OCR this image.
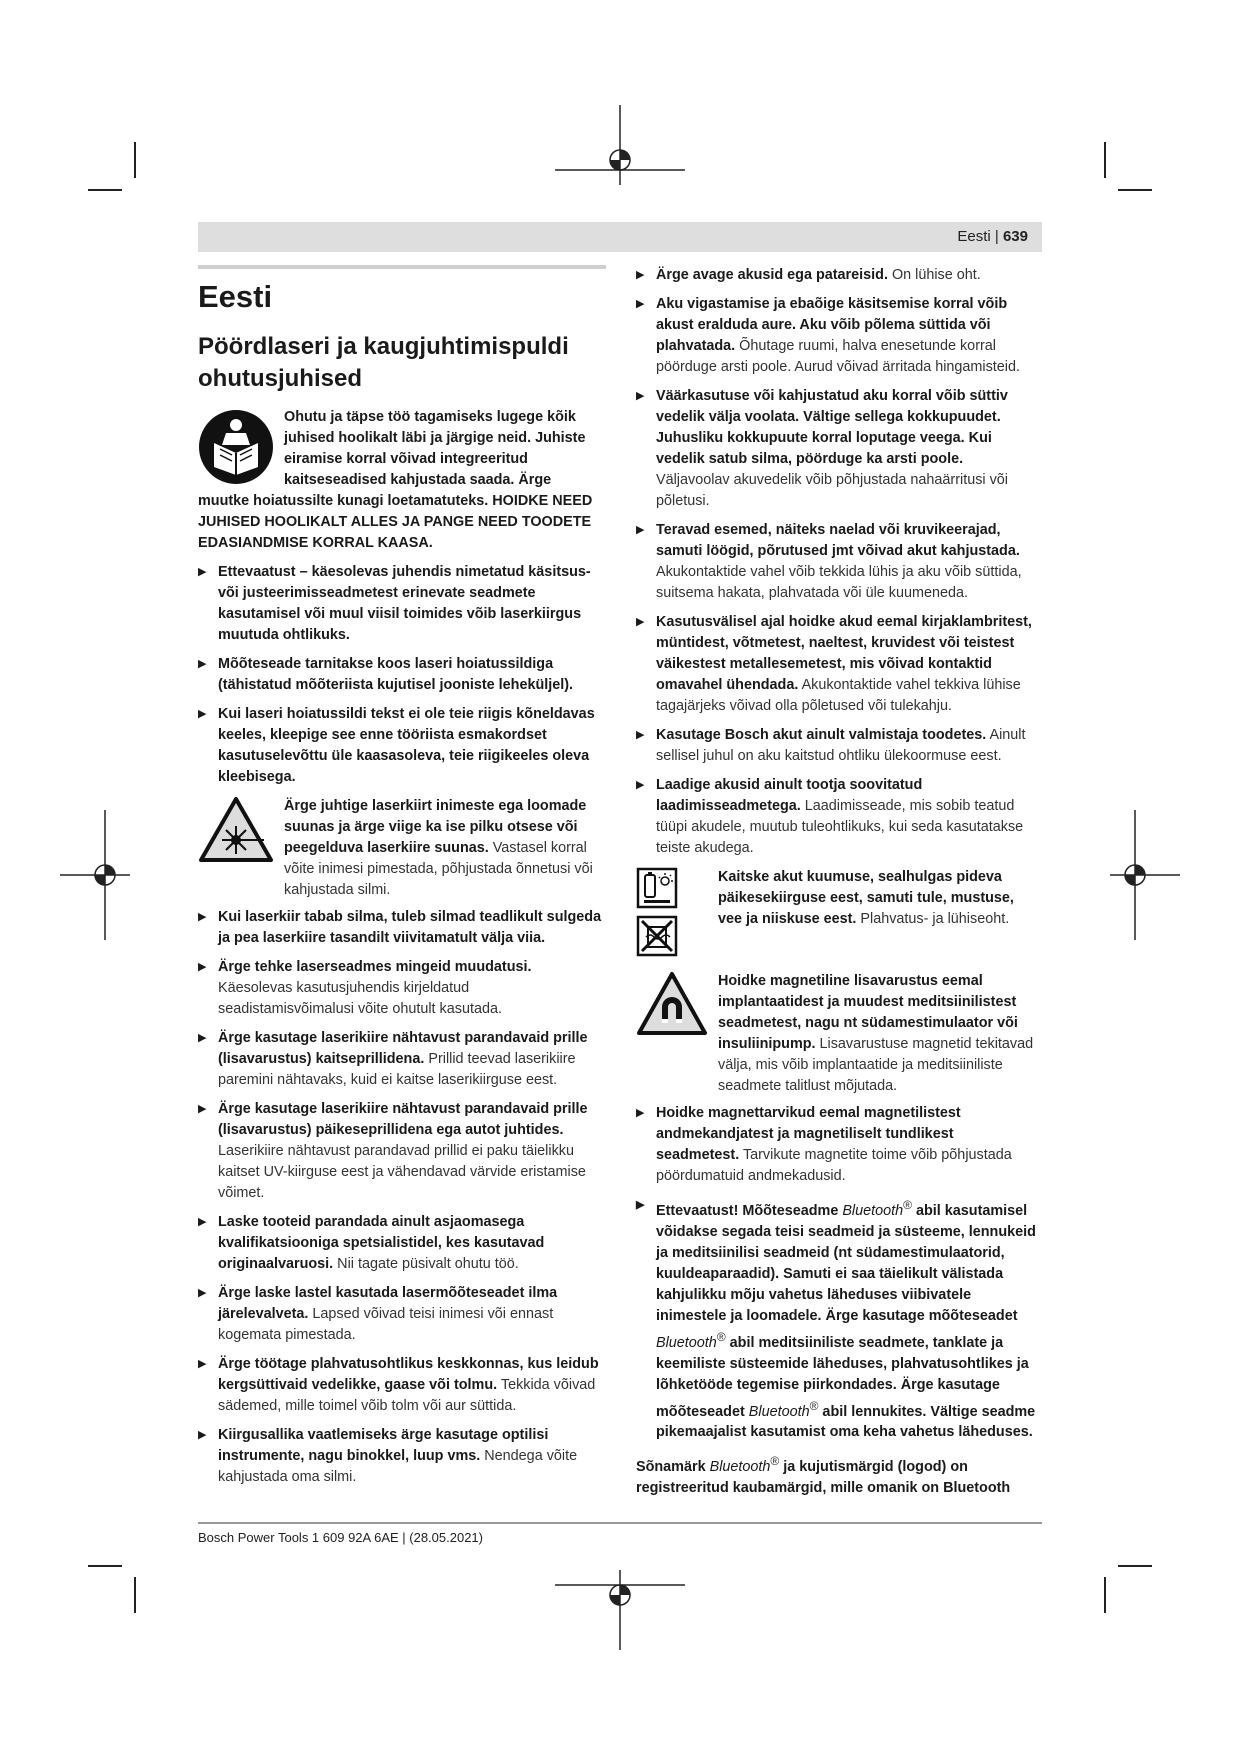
Eesti | 639
Eesti
Pöördlaseri ja kaugjuhtimispuldi ohutusjuhised

Ohutu ja täpse töö tagamiseks lugege kõik juhised hoolikalt läbi ja järgige neid. Juhiste eiramise korral võivad integreeritud kaitseseadised kahjustada saada. Ärge muutke hoiatussilte kunagi loetamatuteks. HOIDKE NEED JUHISED HOOLIKALT ALLES JA PANGE NEED TOODETE EDASIANDMISE KORRAL KAASA.

▶ Ettevaatust – käesolevas juhendis nimetatud käsitsus- või justeerimisseadmetest erinevate seadmete kasutamisel või muul viisil toimides võib laserkiirgus muutuda ohtlikuks.
▶ Mõõteseade tarnitakse koos laseri hoiatussildiga (tähistatud mõõteriista kujutisel jooniste leheküljel).
▶ Kui laseri hoiatussildi tekst ei ole teie riigis kõneldavas keeles, kleepige see enne tööriista esmakordset kasutuselevõttu üle kaasasoleva, teie riigikeeles oleva kleebisega.
Ärge juhtige laserkiirt inimeste ega loomade suunas ja ärge viige ka ise pilku otsese või peegelduva laserkiire suunas. Vastasel korral võite inimesi pimestada, põhjustada õnnetusi või kahjustada silmi.
▶ Kui laserkiir tabab silma, tuleb silmad teadlikult sulgeda ja pea laserkiire tasandilt viivitamatult välja viia.
▶ Ärge tehke laserseadmes mingeid muudatusi. Käesolevas kasutusjuhendis kirjeldatud seadistamisvõimalusi võite ohutult kasutada.
▶ Ärge kasutage laserikiire nähtavust parandavaid prille (lisavarustus) kaitseprillidena. Prillid teevad laserikiire paremini nähtavaks, kuid ei kaitse laserikiirguse eest.
▶ Ärge kasutage laserikiire nähtavust parandavaid prille (lisavarustus) päikeseprillidena ega autot juhtides. Laserikiire nähtavust parandavad prillid ei paku täielikku kaitset UV-kiirguse eest ja vähendavad värvide eristamise võimet.
▶ Laske tooteid parandada ainult asjaomasega kvalifikatsiooniga spetsialistidel, kes kasutavad originaalvaruosi. Nii tagate püsivalt ohutu töö.
▶ Ärge laske lastel kasutada lasermõõteseadet ilma järelevalveta. Lapsed võivad teisi inimesi või ennast kogemata pimestada.
▶ Ärge töötage plahvatusohtlikus keskkonnas, kus leidub kergsüttivaid vedelikke, gaase või tolmu. Tekkida võivad sädemed, mille toimel võib tolm või aur süttida.
▶ Kiirgusallika vaatlemiseks ärge kasutage optilisi instrumente, nagu binokkel, luup vms. Nendega võite kahjustada oma silmi.
▶ Ärge avage akusid ega patareisid. On lühise oht.
▶ Aku vigastamise ja ebaõige käsitsemise korral võib akust eralduda aure. Aku võib põlema süttida või plahvatada. Õhutage ruumi, halva enesetunde korral pöörduge arsti poole. Aurud võivad ärritada hingamisteid.
▶ Väärkasutuse või kahjustatud aku korral võib süttiv vedelik välja voolata. Vältige sellega kokkupuudet. Juhusliku kokkupuute korral loputage veega. Kui vedelik satub silma, pöörduge ka arsti poole. Väljavoolav akuvedelik võib põhjustada nahaärritusi või põletusi.
▶ Teravad esemed, näiteks naelad või kruvikeerajad, samuti löögid, põrutused jmt võivad akut kahjustada. Akukontaktide vahel võib tekkida lühis ja aku võib süttida, suitsema hakata, plahvatada või üle kuumeneda.
▶ Kasutusvälisel ajal hoidke akud eemal kirjaklambritest, müntidest, võtmetest, naeltest, kruvidest või teistest väikestest metallesemetest, mis võivad kontaktid omavahel ühendada. Akukontaktide vahel tekkiva lühise tagajärjeks võivad olla põletused või tulekahju.
▶ Kasutage Bosch akut ainult valmistaja toodetes. Ainult sellisel juhul on aku kaitstud ohtliku ülekoormuse eest.
▶ Laadige akusid ainult tootja soovitatud laadimisseadmetega. Laadimisseade, mis sobib teatud tüüpi akudele, muutub tuleohtlikuks, kui seda kasutatakse teiste akudega.
Kaitske akut kuumuse, sealhulgas pideva päikesekiirguse eest, samuti tule, mustuse, vee ja niiskuse eest. Plahvatus- ja lühiseoht.
Hoidke magnetiline lisavarustus eemal implantaatidest ja muudest meditsiinilistest seadmetest, nagu nt südamestimulaator või insuliinipump. Lisavarustuse magnetid tekitavad välja, mis võib implantaatide ja meditsiiniliste seadmete talitlust mõjutada.
▶ Hoidke magnettarvikud eemal magnetilistest andmekandjatest ja magnetiliselt tundlikest seadmetest. Tarvikute magnetite toime võib põhjustada pöördumatuid andmekadusid.
▶ Ettevaatust! Mõõteseadme Bluetooth® abil kasutamisel võidakse segada teisi seadmeid ja süsteeme, lennukeid ja meditsiinilisi seadmeid (nt südamestimulaatorid, kuuldeaparaadid). Samuti ei saa täielikult välistada kahjulikku mõju vahetus läheduses viibivatele inimestele ja loomadele. Ärge kasutage mõõteseadet Bluetooth® abil meditsiiniliste seadmete, tanklate ja keemiliste süsteemide läheduses, plahvatusohtlikes ja lõhketööde tegemise piirkondades. Ärge kasutage mõõteseadet Bluetooth® abil lennukites. Vältige seadme pikemaajalist kasutamist oma keha vahetus läheduses.

Sõnamärk Bluetooth® ja kujutismärgid (logod) on registreeritud kaubamärgid, mille omanik on Bluetooth

Bosch Power Tools 1 609 92A 6AE | (28.05.2021)
